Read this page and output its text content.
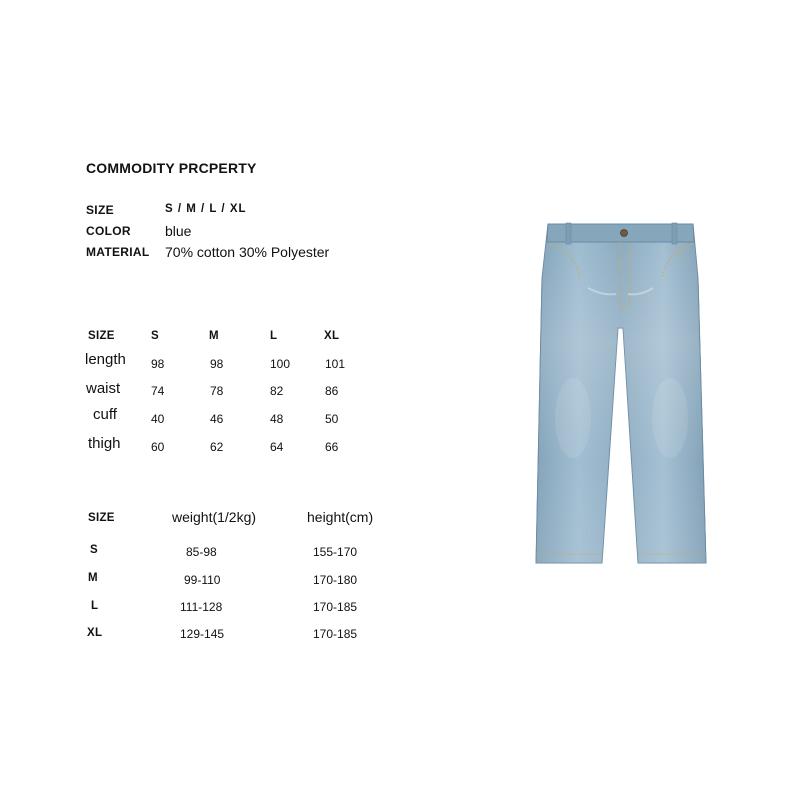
COMMODITY PRCPERTY
SIZE	S / M / L / XL
COLOR blue
MATERIAL 70% cotton 30% Polyester
SIZE	S	M	L	XL
length 98	98	100	101
waist	74	78	82	86
cuff	40	46	48	50
thigh	60	62	64	66
SIZE	weight(1/2kg)	height(cm)
S	85-98	155-170
M	99-110	170-180
L	111-128	170-185
XL	129-145	170-185
